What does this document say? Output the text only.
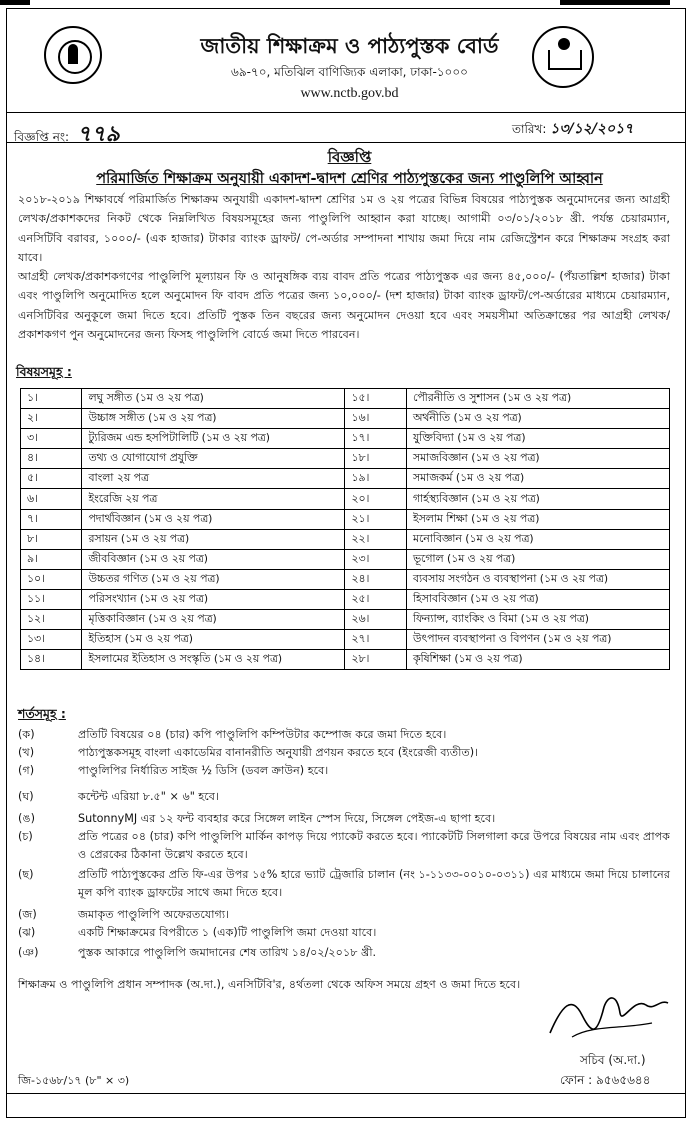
জাতীয় শিক্ষাক্রম ও পাঠ্যপুস্তক বোর্ড
৬৯-৭০, মতিঝিল বাণিজ্যিক এলাকা, ঢাকা-১০০০
www.nctb.gov.bd
বিজ্ঞপ্তি নং: ৭৭৯	তারিখ: ১৩/১২/২০১৭
বিজ্ঞপ্তি
পরিমার্জিত শিক্ষাক্রম অনুযায়ী একাদশ-দ্বাদশ শ্রেণির পাঠ্যপুস্তকের জন্য পাণ্ডুলিপি আহ্বান
২০১৮-২০১৯ শিক্ষাবর্ষে পরিমার্জিত শিক্ষাক্রম অনুযায়ী একাদশ-দ্বাদশ শ্রেণির ১ম ও ২য় পত্রের বিভিন্ন বিষয়ের পাঠ্যপুস্তক অনুমোদনের জন্য আগ্রহী লেখক/প্রকাশকদের নিকট থেকে নিম্নলিখিত বিষয়সমূহের জন্য পাণ্ডুলিপি আহ্বান করা যাচ্ছে। আগামী ০৩/০১/২০১৮ খ্রী. পর্যন্ত চেয়ারম্যান, এনসিটিবি বরাবর, ১০০০/- (এক হাজার) টাকার ব্যাংক ড্রাফট/ পে-অর্ডার সম্পাদনা শাখায় জমা দিয়ে নাম রেজিস্ট্রেশন করে শিক্ষাক্রম সংগ্রহ করা যাবে।
আগ্রহী লেখক/প্রকাশকগণের পাণ্ডুলিপি মূল্যায়ন ফি ও আনুষঙ্গিক ব্যয় বাবদ প্রতি পত্রের পাঠ্যপুস্তক এর জন্য ৪৫,০০০/- (পঁয়তাল্লিশ হাজার) টাকা এবং পাণ্ডুলিপি অনুমোদিত হলে অনুমোদন ফি বাবদ প্রতি পত্রের জন্য ১০,০০০/- (দশ হাজার) টাকা ব্যাংক ড্রাফট/পে-অর্ডারের মাধ্যমে চেয়ারম্যান, এনসিটিবির অনুকূলে জমা দিতে হবে। প্রতিটি পুস্তক তিন বছরের জন্য অনুমোদন দেওয়া হবে এবং সময়সীমা অতিক্রান্তের পর আগ্রহী লেখক/প্রকাশকগণ পুন অনুমোদনের জন্য ফিসহ পাণ্ডুলিপি বোর্ডে জমা দিতে পারবেন।
বিষয়সমূহ :
১।	লঘু সঙ্গীত (১ম ও ২য় পত্র)	১৫।	পৌরনীতি ও সুশাসন (১ম ও ২য় পত্র)
২।	উচ্চাঙ্গ সঙ্গীত (১ম ও ২য় পত্র)	১৬।	অর্থনীতি (১ম ও ২য় পত্র)
৩।	ট্যুরিজম এন্ড হসপিটালিটি (১ম ও ২য় পত্র)	১৭।	যুক্তিবিদ্যা (১ম ও ২য় পত্র)
৪।	তথ্য ও যোগাযোগ প্রযুক্তি	১৮।	সমাজবিজ্ঞান (১ম ও ২য় পত্র)
৫।	বাংলা ২য় পত্র	১৯।	সমাজকর্ম (১ম ও ২য় পত্র)
৬।	ইংরেজি ২য় পত্র	২০।	গার্হস্থ্যবিজ্ঞান (১ম ও ২য় পত্র)
৭।	পদার্থবিজ্ঞান (১ম ও ২য় পত্র)	২১।	ইসলাম শিক্ষা (১ম ও ২য় পত্র)
৮।	রসায়ন (১ম ও ২য় পত্র)	২২।	মনোবিজ্ঞান (১ম ও ২য় পত্র)
৯।	জীববিজ্ঞান (১ম ও ২য় পত্র)	২৩।	ভূগোল (১ম ও ২য় পত্র)
১০।	উচ্চতর গণিত (১ম ও ২য় পত্র)	২৪।	ব্যবসায় সংগঠন ও ব্যবস্থাপনা (১ম ও ২য় পত্র)
১১।	পরিসংখ্যান (১ম ও ২য় পত্র)	২৫।	হিসাববিজ্ঞান (১ম ও ২য় পত্র)
১২।	মৃত্তিকাবিজ্ঞান (১ম ও ২য় পত্র)	২৬।	ফিন্যান্স, ব্যাংকিং ও বিমা (১ম ও ২য় পত্র)
১৩।	ইতিহাস (১ম ও ২য় পত্র)	২৭।	উৎপাদন ব্যবস্থাপনা ও বিপণন (১ম ও ২য় পত্র)
১৪।	ইসলামের ইতিহাস ও সংস্কৃতি (১ম ও ২য় পত্র)	২৮।	কৃষিশিক্ষা (১ম ও ২য় পত্র)
শর্তসমূহ :
(ক)	প্রতিটি বিষয়ের ০৪ (চার) কপি পাণ্ডুলিপি কম্পিউটার কম্পোজ করে জমা দিতে হবে।
(খ)	পাঠ্যপুস্তকসমূহ বাংলা একাডেমির বানানরীতি অনুযায়ী প্রণয়ন করতে হবে (ইংরেজী ব্যতীত)।
(গ)	পাণ্ডুলিপির নির্ধারিত সাইজ ½ ডিসি (ডবল ক্রাউন) হবে।
(ঘ)	কন্টেন্ট এরিয়া ৮.৫" × ৬" হবে।
(ঙ)	SutonnyMJ এর ১২ ফন্ট ব্যবহার করে সিঙ্গেল লাইন স্পেস দিয়ে, সিঙ্গেল পেইজ-এ ছাপা হবে।
(চ)	প্রতি পত্রের ০৪ (চার) কপি পাণ্ডুলিপি মার্কিন কাপড় দিয়ে প্যাকেট করতে হবে। প্যাকেটটি সিলগালা করে উপরে বিষয়ের নাম এবং প্রাপক ও প্রেরকের ঠিকানা উল্লেখ করতে হবে।
(ছ)	প্রতিটি পাঠ্যপুস্তকের প্রতি ফি-এর উপর ১৫% হারে ভ্যাট ট্রেজারি চালান (নং ১-১১৩৩-০০১০-০৩১১) এর মাধ্যমে জমা দিয়ে চালানের মূল কপি ব্যাংক ড্রাফটের সাথে জমা দিতে হবে।
(জ)	জমাকৃত পাণ্ডুলিপি অফেরতযোগ্য।
(ঝ)	একটি শিক্ষাক্রমের বিপরীতে ১ (এক)টি পাণ্ডুলিপি জমা দেওয়া যাবে।
(ঞ)	পুস্তক আকারে পাণ্ডুলিপি জমাদানের শেষ তারিখ ১৪/০২/২০১৮ খ্রী.
শিক্ষাক্রম ও পাণ্ডুলিপি প্রধান সম্পাদক (অ.দা.), এনসিটিবি'র, ৪র্থতলা থেকে অফিস সময়ে গ্রহণ ও জমা দিতে হবে।
সচিব (অ.দা.)
ফোন : ৯৫৬৫৬৪৪
জি-১৫৬৮/১৭ (৮" × ৩)
